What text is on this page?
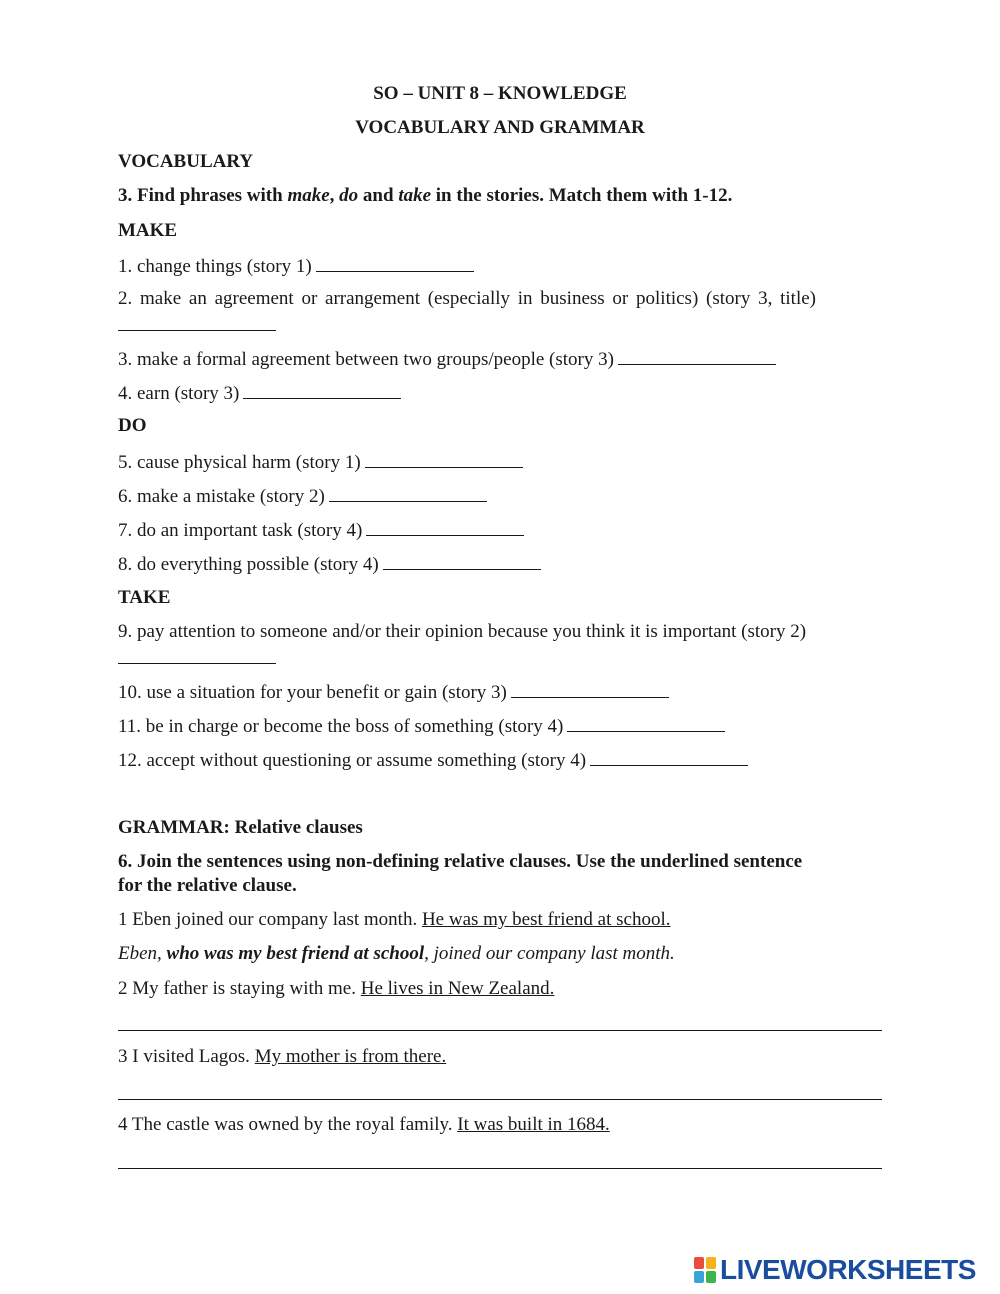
SO – UNIT 8 – KNOWLEDGE
VOCABULARY AND GRAMMAR
VOCABULARY
3. Find phrases with make, do and take in the stories. Match them with 1-12.
MAKE
1. change things (story 1)
2. make an agreement or arrangement (especially in business or politics) (story 3, title)
3. make a formal agreement between two groups/people (story 3)
4. earn (story 3)
DO
5. cause physical harm (story 1)
6. make a mistake (story 2)
7. do an important task (story 4)
8. do everything possible (story 4)
TAKE
9. pay attention to someone and/or their opinion because you think it is important (story 2)
10. use a situation for your benefit or gain (story 3)
11. be in charge or become the boss of something (story 4)
12. accept without questioning or assume something (story 4)
GRAMMAR: Relative clauses
6. Join the sentences using non-defining relative clauses. Use the underlined sentence
for the relative clause.
1 Eben joined our company last month. He was my best friend at school.
Eben, who was my best friend at school, joined our company last month.
2 My father is staying with me. He lives in New Zealand.
3 I visited Lagos. My mother is from there.
4 The castle was owned by the royal family. It was built in 1684.
LIVEWORKSHEETS
